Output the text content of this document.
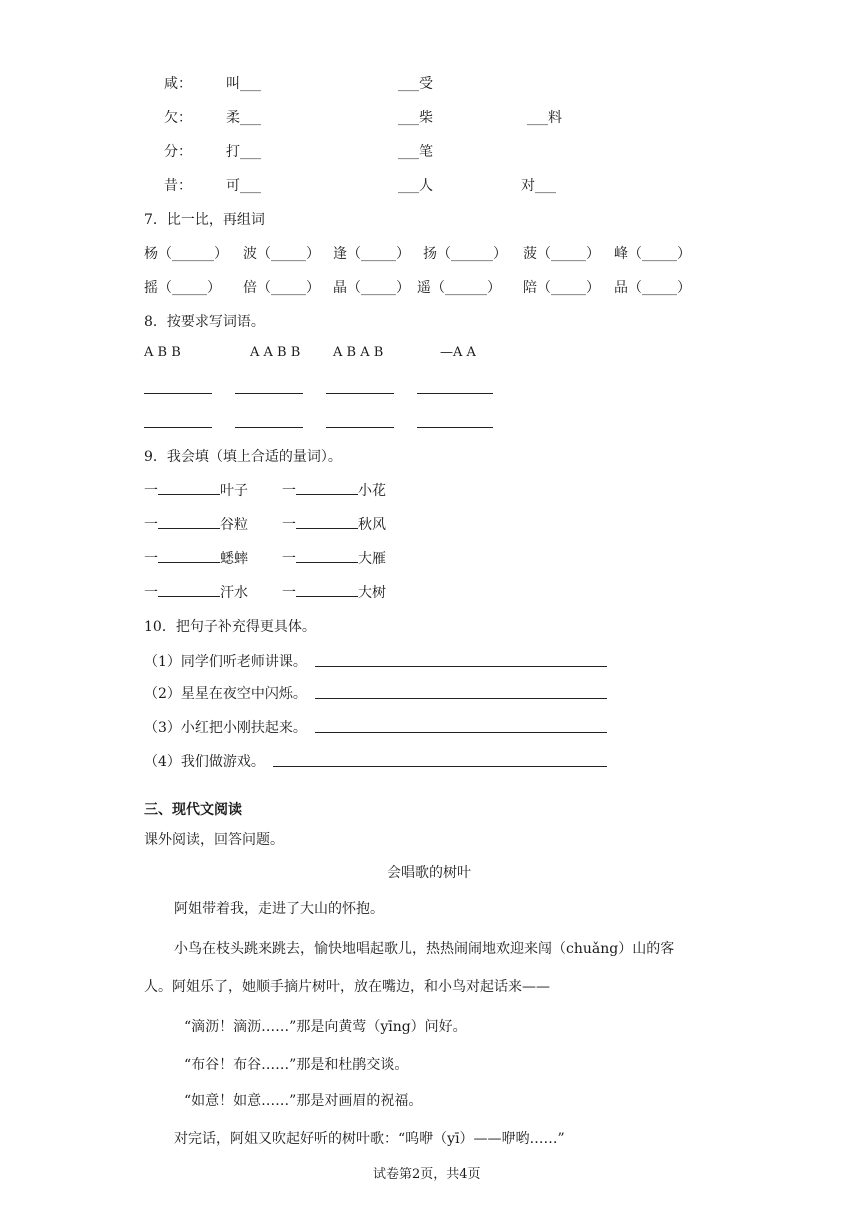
咸： 叫___	___受
欠： 柔___	___柴	___料
分： 打___	___笔
昔： 可___	___人	对___
7．比一比，再组词
杨（______） 波（_____） 逢（_____） 扬（______） 菠（_____） 峰（_____）
摇（_____） 倍（_____） 晶（_____） 遥（______） 陪（_____） 品（_____）
8．按要求写词语。
A B B	A A B B	A B A B	—A A
9．我会填（填上合适的量词）。
一	叶子 一	小花
一	谷粒 一	秋风
一	蟋蟀 一	大雁
一	汗水 一	大树
10．把句子补充得更具体。
（1）同学们听老师讲课。
（2）星星在夜空中闪烁。
（3）小红把小刚扶起来。
（4）我们做游戏。
三、现代文阅读
课外阅读，回答问题。
会唱歌的树叶
阿姐带着我，走进了大山的怀抱。
小鸟在枝头跳来跳去，愉快地唱起歌儿，热热闹闹地欢迎来闯（chuǎng）山的客
人。阿姐乐了，她顺手摘片树叶，放在嘴边，和小鸟对起话来——
“滴沥！滴沥……”那是向黄莺（yīng）问好。
“布谷！布谷……”那是和杜鹃交谈。
“如意！如意……”那是对画眉的祝福。
对完话，阿姐又吹起好听的树叶歌：“呜咿（yī）——咿哟……”
试卷第2页，共4页
